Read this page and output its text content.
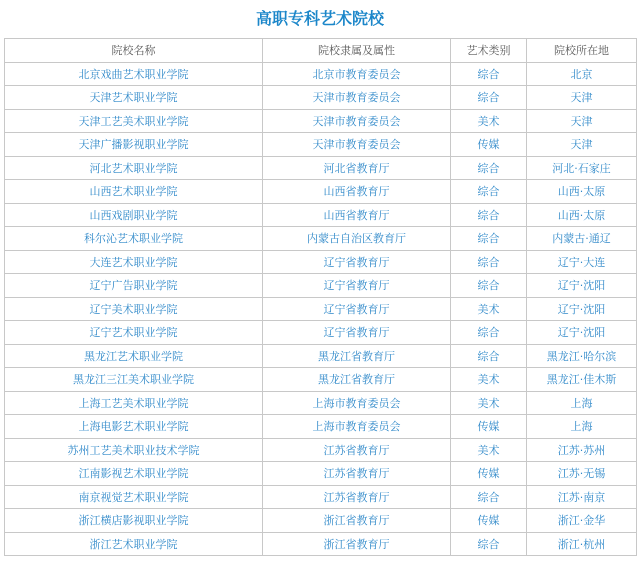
高职专科艺术院校
院校名称	院校隶属及属性	艺术类别	院校所在地
北京戏曲艺术职业学院	北京市教育委员会	综合	北京
天津艺术职业学院	天津市教育委员会	综合	天津
天津工艺美术职业学院	天津市教育委员会	美术	天津
天津广播影视职业学院	天津市教育委员会	传媒	天津
河北艺术职业学院	河北省教育厅	综合	河北·石家庄
山西艺术职业学院	山西省教育厅	综合	山西·太原
山西戏剧职业学院	山西省教育厅	综合	山西·太原
科尔沁艺术职业学院	内蒙古自治区教育厅	综合	内蒙古·通辽
大连艺术职业学院	辽宁省教育厅	综合	辽宁·大连
辽宁广告职业学院	辽宁省教育厅	综合	辽宁·沈阳
辽宁美术职业学院	辽宁省教育厅	美术	辽宁·沈阳
辽宁艺术职业学院	辽宁省教育厅	综合	辽宁·沈阳
黑龙江艺术职业学院	黑龙江省教育厅	综合	黑龙江·哈尔滨
黑龙江三江美术职业学院	黑龙江省教育厅	美术	黑龙江·佳木斯
上海工艺美术职业学院	上海市教育委员会	美术	上海
上海电影艺术职业学院	上海市教育委员会	传媒	上海
苏州工艺美术职业技术学院	江苏省教育厅	美术	江苏·苏州
江南影视艺术职业学院	江苏省教育厅	传媒	江苏·无锡
南京视觉艺术职业学院	江苏省教育厅	综合	江苏·南京
浙江横店影视职业学院	浙江省教育厅	传媒	浙江·金华
浙江艺术职业学院	浙江省教育厅	综合	浙江·杭州
